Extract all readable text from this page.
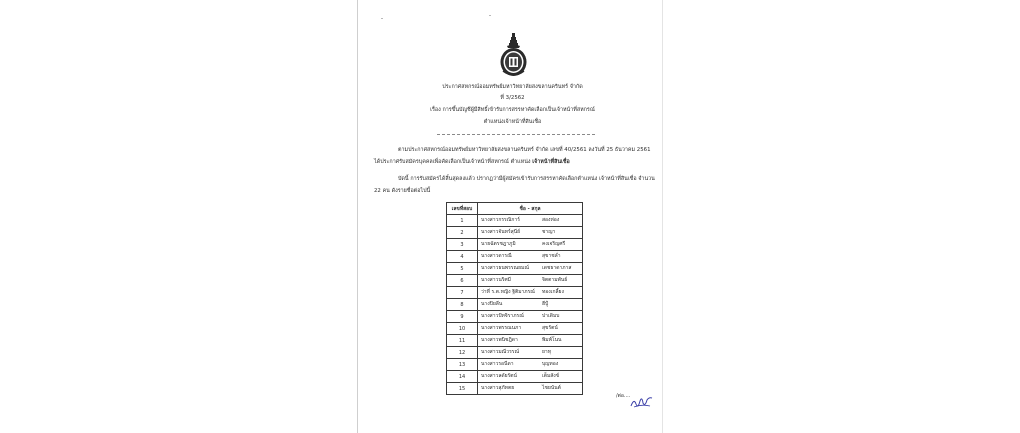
ประกาศสหกรณ์ออมทรัพย์มหาวิทยาลัยสงขลานครินทร์ จำกัด
ที่ 3/2562
เรื่อง การขึ้นบัญชีผู้มีสิทธิ์เข้ารับการสรรหาคัดเลือกเป็นเจ้าหน้าที่สหกรณ์
ตำแหน่งเจ้าหน้าที่สินเชื่อ
ตามประกาศสหกรณ์ออมทรัพย์มหาวิทยาลัยสงขลานครินทร์ จำกัด เลขที่ 40/2561 ลงวันที่ 25 ธันวาคม 2561
ได้ประกาศรับสมัครบุคคลเพื่อคัดเลือกเป็นเจ้าหน้าที่สหกรณ์ ตำแหน่ง เจ้าหน้าที่สินเชื่อ
บัดนี้ การรับสมัครได้สิ้นสุดลงแล้ว ปรากฏว่ามีผู้สมัครเข้ารับการสรรหาคัดเลือกตำแหน่ง เจ้าหน้าที่สินเชื่อ จำนวน
22 คน ดังรายชื่อต่อไปนี้
เลขที่สอบ	ชื่อ - สกุล
1	นางสาวกรรณิการ์ สองห่อง

2	นางสาวจันทร์สุนีย์ ชาญา

3	นายฉัตรชฎาภูมิ คงเจริญศรี

4	นางสาวดารณี สุขาชล่ำ

5	นางสาวธนพรรณยมณ์ เดชธาดาภาส

6	นางสาวนริศมี จิตตามพันธ์

7	ว่าที่ ร.ต.หญิง ฐิติมาภรณ์ ทองเกลี้ยง

8	นางปิยลีน ฮีปู้

9	นางสาวปัทจิราภรณ์ ปาเดิมบ

10	นางสาวพรรณนภา สุขรัตน์

11	นางสาวพนิชฎิดา พิมพ์โนน

12	นางสาวมณีวรรณ์ ยาทุ

13	นางสาวรอนีดา บุญทอง

14	นางสาวลดัยรัตน์ เต็มสังข์

15	นางสาวสุภัทตย ไชยนันต์
/ต่อ....
